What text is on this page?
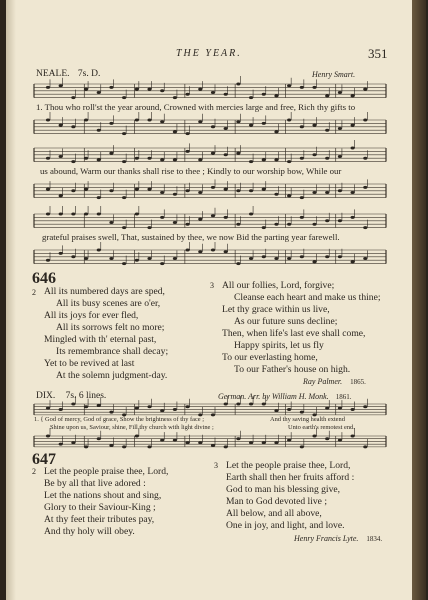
THE YEAR.	351
NEALE. 7s. D.	Henry Smart.
1. Thou who roll'st the year around, Crowned with mercies large and free, Rich thy gifts to
us abound, Warm our thanks shall rise to thee ; Kindly to our worship bow, While our
grateful praises swell, That, sustained by thee, we now Bid the parting year farewell.
646
2 All its numbered days are sped,
All its busy scenes are o'er,
All its joys for ever fled,
All its sorrows felt no more;
Mingled with th' eternal past,
Its remembrance shall decay;
Yet to be revived at last
At the solemn judgment-day.
3 All our follies, Lord, forgive;
Cleanse each heart and make us thine;
Let thy grace within us live,
As our future suns decline;
Then, when life's last eve shall come,
Happy spirits, let us fly
To our everlasting home,
To our Father's house on high.
Ray Palmer. 1865.
DIX. 7s. 6 lines.	German. Arr. by William H. Monk. 1861.
1. { God of mercy, God of grace, Show the brightness of thy face ;
Shine upon us, Saviour, shine, Fill thy church with light divine ;
And thy saving health extend
Unto earth's remotest end.
647
2 Let the people praise thee, Lord,
Be by all that live adored :
Let the nations shout and sing,
Glory to their Saviour-King ;
At thy feet their tributes pay,
And thy holy will obey.
3 Let the people praise thee, Lord,
Earth shall then her fruits afford :
God to man his blessing give,
Man to God devoted live ;
All below, and all above,
One in joy, and light, and love.
Henry Francis Lyte. 1834.
